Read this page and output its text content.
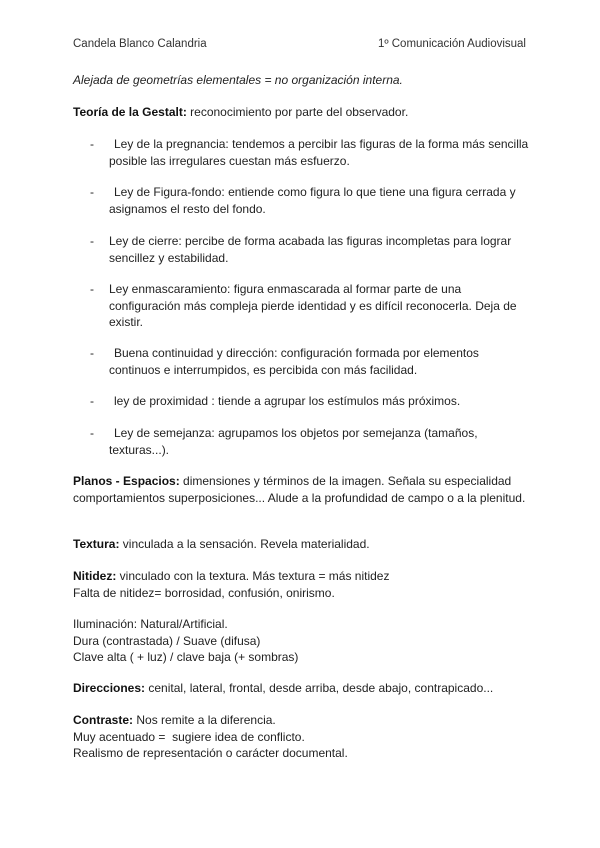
Candela Blanco Calandria	1º Comunicación Audiovisual
Alejada de geometrías elementales = no organización interna.
Teoría de la Gestalt: reconocimiento por parte del observador.
-	Ley de la pregnancia: tendemos a percibir las figuras de la forma más sencilla posible las irregulares cuestan más esfuerzo.
-	Ley de Figura-fondo: entiende como figura lo que tiene una figura cerrada y asignamos el resto del fondo.
- Ley de cierre: percibe de forma acabada las figuras incompletas para lograr sencillez y estabilidad.
- Ley enmascaramiento: figura enmascarada al formar parte de una configuración más compleja pierde identidad y es difícil reconocerla. Deja de existir.
-	Buena continuidad y dirección: configuración formada por elementos continuos e interrumpidos, es percibida con más facilidad.
-	ley de proximidad : tiende a agrupar los estímulos más próximos.
-	Ley de semejanza: agrupamos los objetos por semejanza (tamaños, texturas...).
Planos - Espacios: dimensiones y términos de la imagen. Señala su especialidad comportamientos superposiciones... Alude a la profundidad de campo o a la plenitud.
Textura: vinculada a la sensación. Revela materialidad.
Nitidez: vinculado con la textura. Más textura = más nitidez
Falta de nitidez= borrosidad, confusión, onirismo.
Iluminación: Natural/Artificial.
Dura (contrastada) / Suave (difusa)
Clave alta ( + luz) / clave baja (+ sombras)
Direcciones: cenital, lateral, frontal, desde arriba, desde abajo, contrapicado...
Contraste: Nos remite a la diferencia.
Muy acentuado =  sugiere idea de conflicto.
Realismo de representación o carácter documental.
